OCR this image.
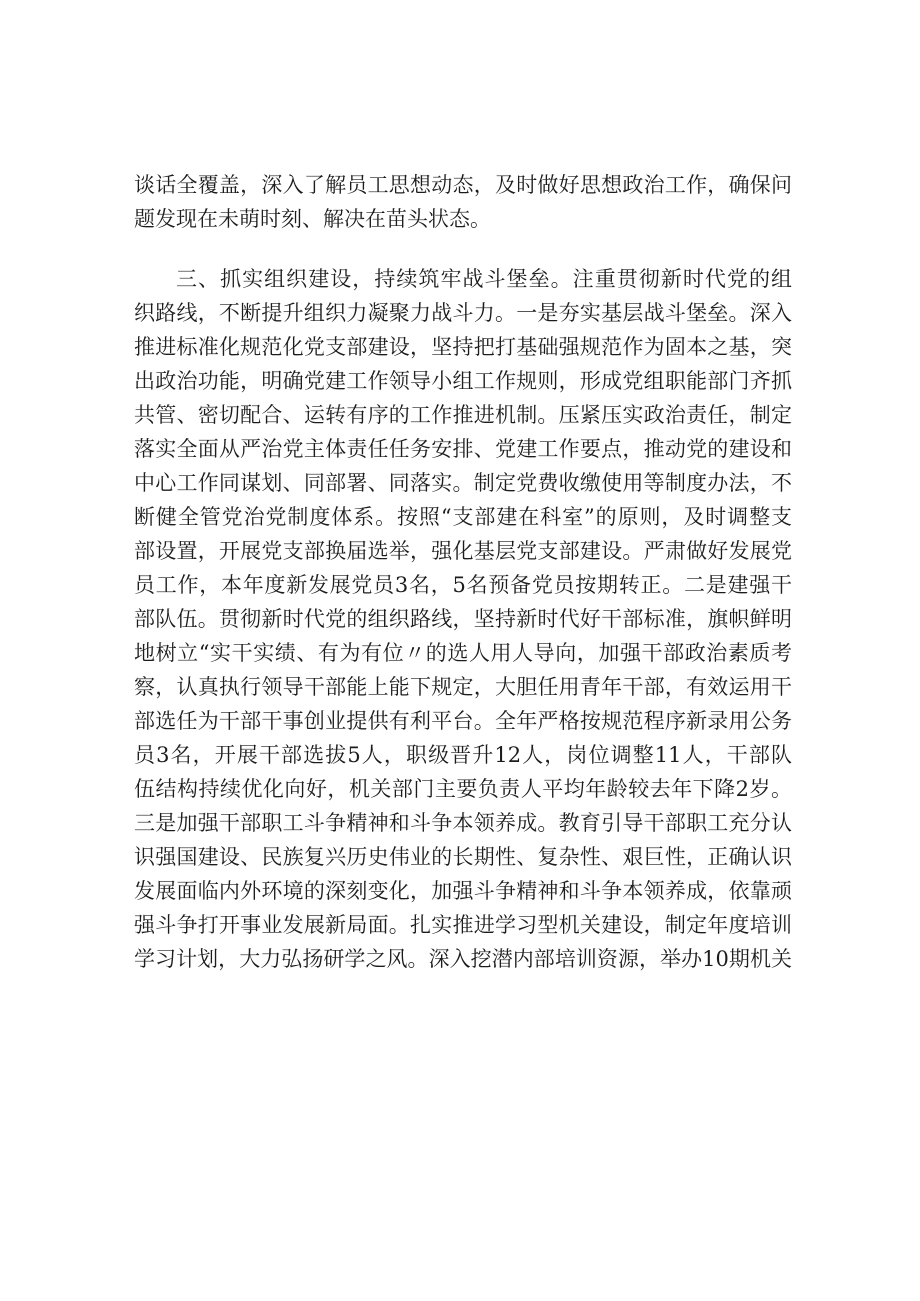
谈话全覆盖，深入了解员工思想动态，及时做好思想政治工作，确保问
题发现在未萌时刻、解决在苗头状态。
三、抓实组织建设，持续筑牢战斗堡垒。注重贯彻新时代党的组
织路线，不断提升组织力凝聚力战斗力。一是夯实基层战斗堡垒。深入
推进标准化规范化党支部建设，坚持把打基础强规范作为固本之基，突
出政治功能，明确党建工作领导小组工作规则，形成党组职能部门齐抓
共管、密切配合、运转有序的工作推进机制。压紧压实政治责任，制定
落实全面从严治党主体责任任务安排、党建工作要点，推动党的建设和
中心工作同谋划、同部署、同落实。制定党费收缴使用等制度办法，不
断健全管党治党制度体系。按照“支部建在科室”的原则，及时调整支
部设置，开展党支部换届选举，强化基层党支部建设。严肃做好发展党
员工作，本年度新发展党员3名，5名预备党员按期转正。二是建强干
部队伍。贯彻新时代党的组织路线，坚持新时代好干部标准，旗帜鲜明
地树立“实干实绩、有为有位〃的选人用人导向，加强干部政治素质考
察，认真执行领导干部能上能下规定，大胆任用青年干部，有效运用干
部选任为干部干事创业提供有利平台。全年严格按规范程序新录用公务
员3名，开展干部选拔5人，职级晋升12人，岗位调整11人，干部队
伍结构持续优化向好，机关部门主要负责人平均年龄较去年下降2岁。
三是加强干部职工斗争精神和斗争本领养成。教育引导干部职工充分认
识强国建设、民族复兴历史伟业的长期性、复杂性、艰巨性，正确认识
发展面临内外环境的深刻变化，加强斗争精神和斗争本领养成，依靠顽
强斗争打开事业发展新局面。扎实推进学习型机关建设，制定年度培训
学习计划，大力弘扬研学之风。深入挖潜内部培训资源，举办10期机关
